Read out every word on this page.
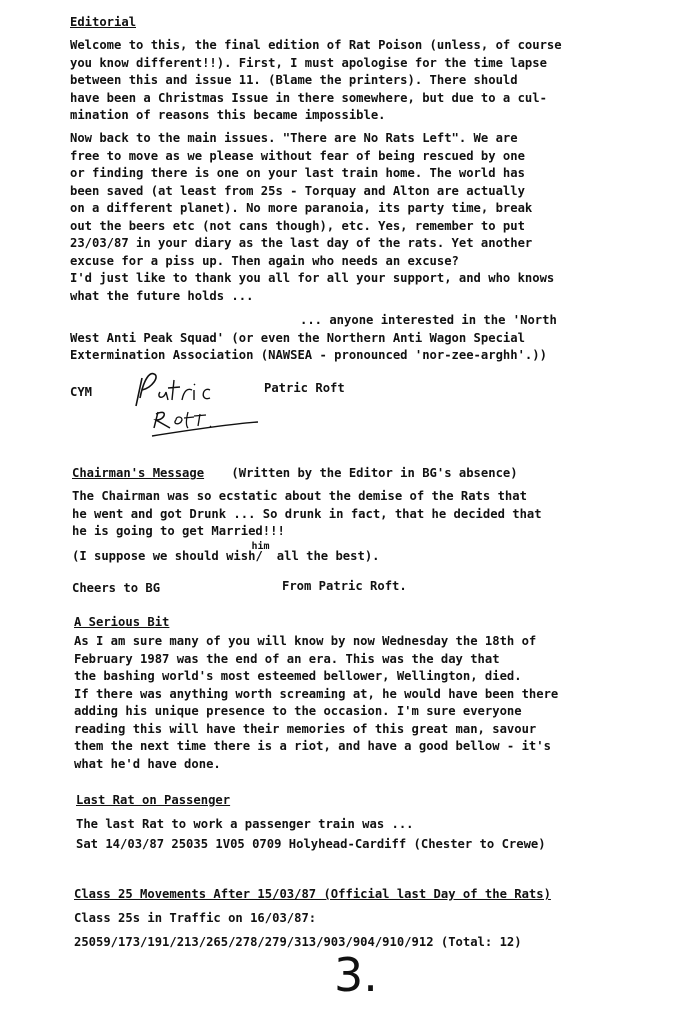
Editorial
Welcome to this, the final edition of Rat Poison (unless, of course
you know different!!). First, I must apologise for the time lapse
between this and issue 11. (Blame the printers). There should
have been a Christmas Issue in there somewhere, but due to a cul-
mination of reasons this became impossible.
Now back to the main issues. "There are No Rats Left". We are
free to move as we please without fear of being rescued by one
or finding there is one on your last train home. The world has
been saved (at least from 25s - Torquay and Alton are actually
on a different planet). No more paranoia, its party time, break
out the beers etc (not cans though), etc. Yes, remember to put
23/03/87 in your diary as the last day of the rats. Yet another
excuse for a piss up. Then again who needs an excuse?
I'd just like to thank you all for all your support, and who knows
what the future holds ...
... anyone interested in the 'North
West Anti Peak Squad' (or even the Northern Anti Wagon Special
Extermination Association (NAWSEA - pronounced 'nor-zee-arghh'.))
CYM	Patric Roft
Chairman's Message (Written by the Editor in BG's absence)
The Chairman was so ecstatic about the demise of the Rats that
he went and got Drunk ... So drunk in fact, that he decided that
he is going to get Married!!!
(I suppose we should wish
him
/ all the best).
Cheers to BG	From Patric Roft.
A Serious Bit
As I am sure many of you will know by now Wednesday the 18th of
February 1987 was the end of an era. This was the day that
the bashing world's most esteemed bellower, Wellington, died.
If there was anything worth screaming at, he would have been there
adding his unique presence to the occasion. I'm sure everyone
reading this will have their memories of this great man, savour
them the next time there is a riot, and have a good bellow - it's
what he'd have done.
Last Rat on Passenger
The last Rat to work a passenger train was ...
Sat 14/03/87 25035 1V05 0709 Holyhead-Cardiff (Chester to Crewe)
Class 25 Movements After 15/03/87 (Official last Day of the Rats)
Class 25s in Traffic on 16/03/87:
25059/173/191/213/265/278/279/313/903/904/910/912 (Total: 12)
3.
